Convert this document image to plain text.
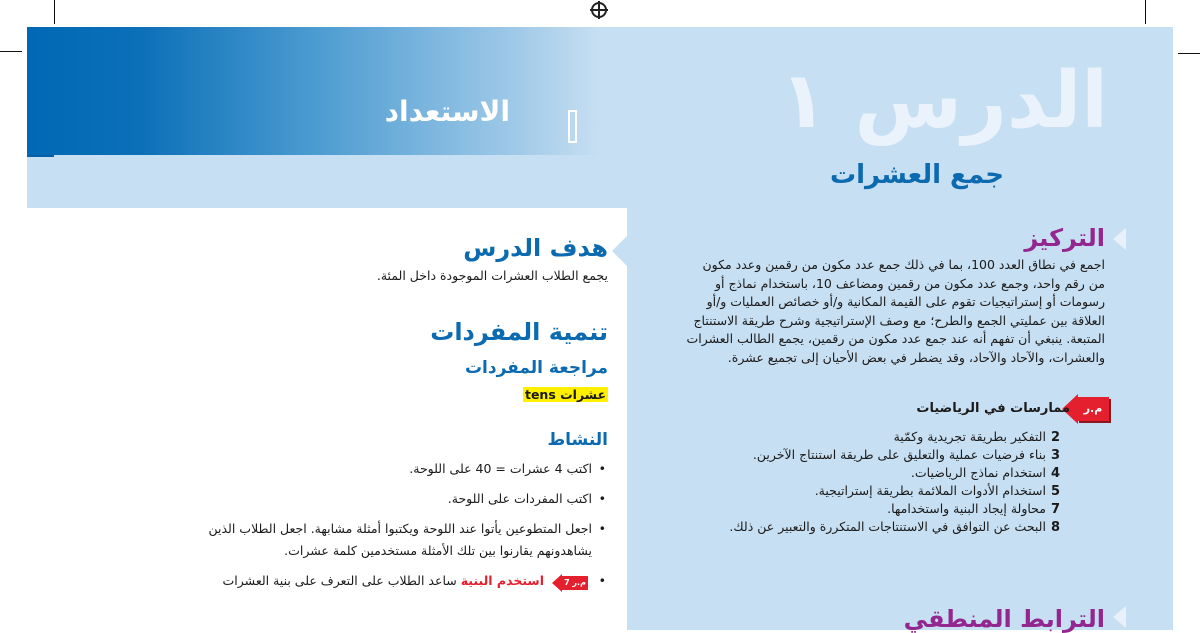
الاستعداد	الدرس ١
جمع العشرات
هدف الدرس
يجمع الطلاب العشرات الموجودة داخل المئة.
تنمية المفردات
مراجعة المفردات
عشرات tens
النشاط
• اكتب 4 عشرات = 40 على اللوحة.
• اكتب المفردات على اللوحة.
• اجعل المتطوعين يأتوا عند اللوحة ويكتبوا أمثلة مشابهة. اجعل الطلاب الذين يشاهدونهم يقارنوا بين تلك الأمثلة مستخدمين كلمة عشرات.
• م.ر 7
استخدم البنية ساعد الطلاب على التعرف على بنية العشرات
التركيز
اجمع في نطاق العدد 100، بما في ذلك جمع عدد مكون من رقمين وعدد مكون من رقم واحد، وجمع عدد مكون من رقمين ومضاعف 10، باستخدام نماذج أو رسومات أو إستراتيجيات تقوم على القيمة المكانية و/أو خصائص العمليات و/أو العلاقة بين عمليتي الجمع والطرح؛ مع وصف الإستراتيجية وشرح طريقة الاستنتاج المتبعة. ينبغي أن تفهم أنه عند جمع عدد مكون من رقمين، يجمع الطالب العشرات والعشرات، والآحاد والآحاد، وقد يضطر في بعض الأحيان إلى تجميع عشرة.
م.ر
ممارسات في الرياضيات
2التفكير بطريقة تجريدية وكمّية
3بناء فرضيات عملية والتعليق على طريقة استنتاج الآخرين.
4استخدام نماذج الرياضيات.
5استخدام الأدوات الملائمة بطريقة إستراتيجية.
7محاولة إيجاد البنية واستخدامها.
8البحث عن التوافق في الاستنتاجات المتكررة والتعبير عن ذلك.
الترابط المنطقي
